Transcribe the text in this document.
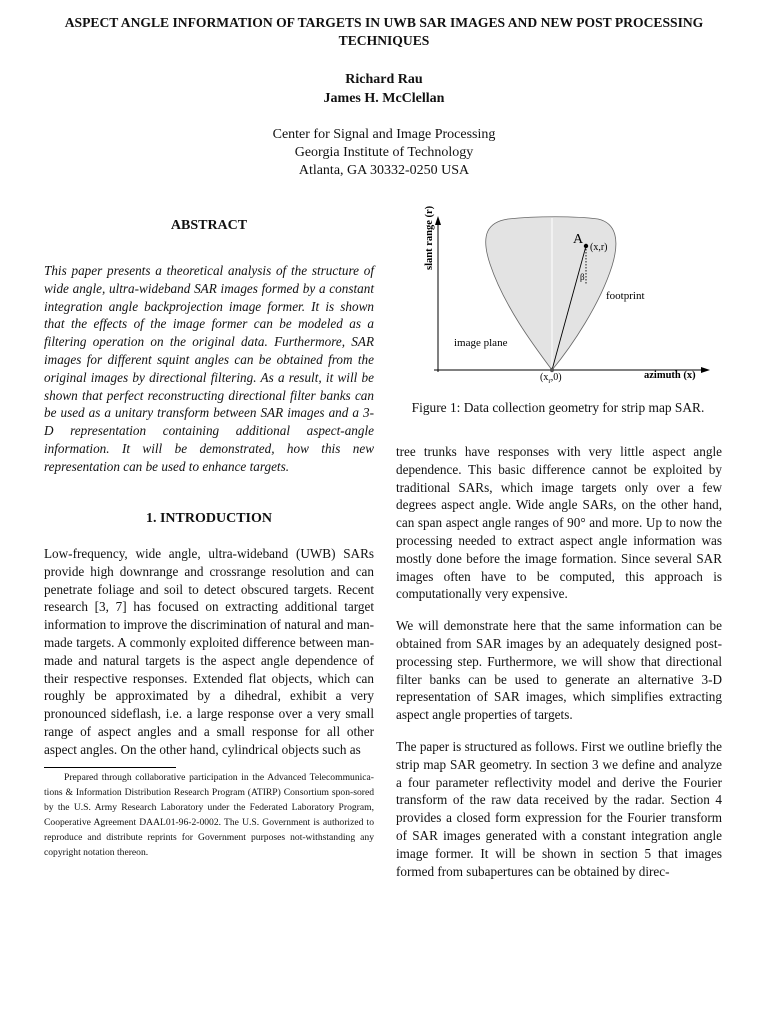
ASPECT ANGLE INFORMATION OF TARGETS IN UWB SAR IMAGES AND NEW POST PROCESSING TECHNIQUES
Richard Rau
James H. McClellan
Center for Signal and Image Processing
Georgia Institute of Technology
Atlanta, GA 30332-0250 USA
ABSTRACT
This paper presents a theoretical analysis of the structure of wide angle, ultra-wideband SAR images formed by a constant integration angle backprojection image former. It is shown that the effects of the image former can be modeled as a filtering operation on the original data. Furthermore, SAR images for different squint angles can be obtained from the original images by directional filtering. As a result, it will be shown that perfect reconstructing directional filter banks can be used as a unitary transform between SAR images and a 3-D representation containing additional aspect-angle information. It will be demonstrated, how this new representation can be used to enhance targets.
1. INTRODUCTION
Low-frequency, wide angle, ultra-wideband (UWB) SARs provide high downrange and crossrange resolution and can penetrate foliage and soil to detect obscured targets. Recent research [3, 7] has focused on extracting additional target information to improve the discrimination of natural and man-made targets. A commonly exploited difference between man-made and natural targets is the aspect angle dependence of their respective responses. Extended flat objects, which can roughly be approximated by a dihedral, exhibit a very pronounced sideflash, i.e. a large response over a very small range of aspect angles and a small response for all other aspect angles. On the other hand, cylindrical objects such as
Prepared through collaborative participation in the Advanced Telecommunica-tions & Information Distribution Research Program (ATIRP) Consortium spon-sored by the U.S. Army Research Laboratory under the Federated Laboratory Program, Cooperative Agreement DAAL01-96-2-0002. The U.S. Government is authorized to reproduce and distribute reprints for Government purposes not-withstanding any copyright notation thereon.
A
(x,r)
β
footprint
image plane
$(x_r,0)$	azimuth (x)
slant range (r)
Figure 1: Data collection geometry for strip map SAR.

tree trunks have responses with very little aspect angle dependence. This basic difference cannot be exploited by traditional SARs, which image targets only over a few degrees aspect angle. Wide angle SARs, on the other hand, can span aspect angle ranges of 90° and more. Up to now the processing needed to extract aspect angle information was mostly done before the image formation. Since several SAR images often have to be computed, this approach is computationally very expensive.

We will demonstrate here that the same information can be obtained from SAR images by an adequately designed post-processing step. Furthermore, we will show that directional filter banks can be used to generate an alternative 3-D representation of SAR images, which simplifies extracting aspect angle properties of targets.

The paper is structured as follows. First we outline briefly the strip map SAR geometry. In section 3 we define and analyze a four parameter reflectivity model and derive the Fourier transform of the raw data received by the radar. Section 4 provides a closed form expression for the Fourier transform of SAR images generated with a constant integration angle image former. It will be shown in section 5 that images formed from subapertures can be obtained by direc-
